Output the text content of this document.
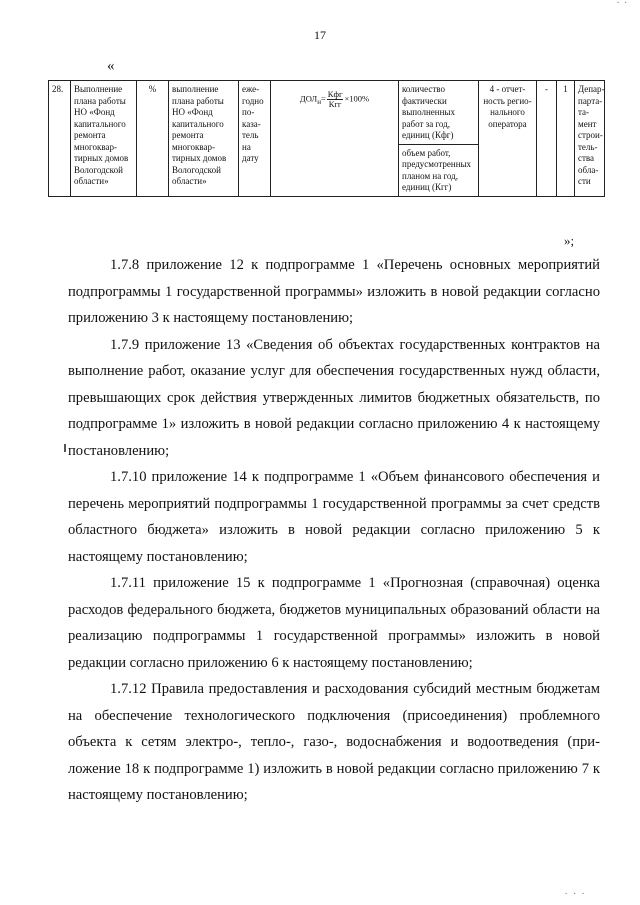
. .
17
«
28.	Выполнение плана работы НО «Фонд капитального ремонта многоквартирных домов Вологодской области»	%	выполнение плана работы НО «Фонд капитального ремонта многоквартирных домов Вологодской области»	ежегодно показатель на дату	$ДОЛ_н= \frac{\text{Кфг}}{\text{Кгг}} \times 100\%$	количество фактически выполненных работ за год, единиц (Кфг)	4 - отчетность регионального оператора	-	1	Депарпартатамент строительства области
объем работ, предусмотренных планом на год, единиц (Кгг)
»;

1.7.8 приложение 12 к подпрограмме 1 «Перечень основных мероприятий подпрограммы 1 государственной программы» изложить в новой редакции согласно приложению 3 к настоящему постановлению;

1.7.9 приложение 13 «Сведения об объектах государственных контрактов на выполнение работ, оказание услуг для обеспечения государственных нужд области, превышающих срок действия утвержденных лимитов бюджетных обязательств, по подпрограмме 1» изложить в новой редакции согласно приложению 4 к настоящему постановлению;

1.7.10 приложение 14 к подпрограмме 1 «Объем финансового обеспечения и перечень мероприятий подпрограммы 1 государственной программы за счет средств областного бюджета» изложить в новой редакции согласно приложению 5 к настоящему постановлению;

1.7.11 приложение 15 к подпрограмме 1 «Прогнозная (справочная) оценка расходов федерального бюджета, бюджетов муниципальных образований области на реализацию подпрограммы 1 государственной программы» изложить в новой редакции согласно приложению 6 к настоящему постановлению;

1.7.12 Правила предоставления и расходования субсидий местным бюджетам на обеспечение технологического подключения (присоединения) проблемного объекта к сетям электро-, тепло-, газо-, водоснабжения и водоотведения (приложение 18 к подпрограмме 1) изложить в новой редакции согласно приложению 7 к настоящему постановлению;

. . .
